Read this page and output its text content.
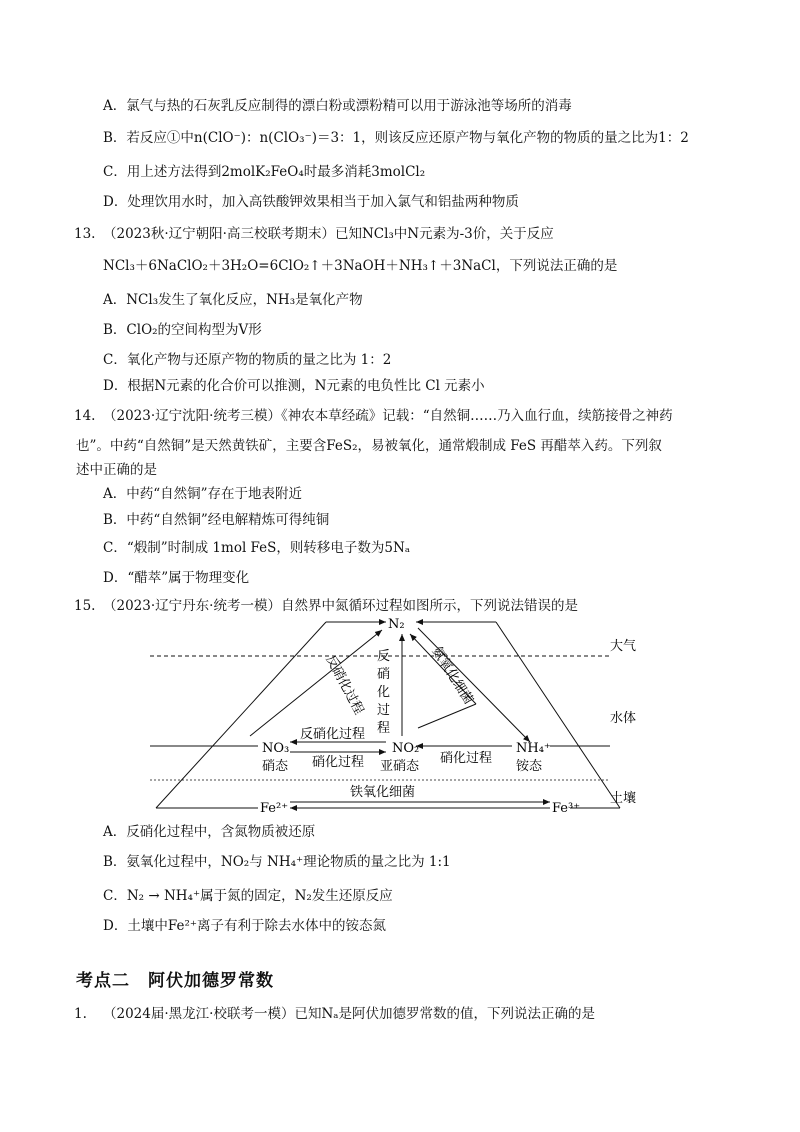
A．氯气与热的石灰乳反应制得的漂白粉或漂粉精可以用于游泳池等场所的消毒
B．若反应①中n(ClO⁻)：n(ClO₃⁻)＝3：1，则该反应还原产物与氧化产物的物质的量之比为1：2
C．用上述方法得到2molK₂FeO₄时最多消耗3molCl₂
D．处理饮用水时，加入高铁酸钾效果相当于加入氯气和铝盐两种物质
13. （2023秋·辽宁朝阳·高三校联考期末）已知NCl₃中N元素为-3价，关于反应
NCl₃＋6NaClO₂＋3H₂O=6ClO₂↑＋3NaOH＋NH₃↑＋3NaCl，下列说法正确的是
A．NCl₃发生了氧化反应，NH₃是氧化产物
B．ClO₂的空间构型为V形
C．氧化产物与还原产物的物质的量之比为 1：2
D．根据N元素的化合价可以推测，N元素的电负性比 Cl 元素小
14. （2023·辽宁沈阳·统考三模）《神农本草经疏》记载：“自然铜……乃入血行血，续筋接骨之神药
也”。中药“自然铜”是天然黄铁矿，主要含FeS₂，易被氧化，通常煅制成 FeS 再醋萃入药。下列叙
述中正确的是
A．中药“自然铜”存在于地表附近
B．中药“自然铜”经电解精炼可得纯铜
C．“煅制”时制成 1mol FeS，则转移电子数为5Nₐ
D．“醋萃”属于物理变化
15. （2023·辽宁丹东·统考一模）自然界中氮循环过程如图所示，下列说法错误的是
大气
水体
土壤
N₂
反硝化过程	氨氧化细菌
反
硝
化
过
程
NO₃
硝态
NO₂
亚硝态
NH₄⁺
铵态
反硝化过程
硝化过程	硝化过程
铁氧化细菌
Fe²⁺	Fe³⁺
A．反硝化过程中，含氮物质被还原
B．氨氧化过程中，NO₂与 NH₄⁺理论物质的量之比为 1:1
C．N₂ → NH₄⁺属于氮的固定，N₂发生还原反应
D．土壤中Fe²⁺离子有利于除去水体中的铵态氮
考点二　阿伏加德罗常数
1. （2024届·黑龙江·校联考一模）已知Nₐ是阿伏加德罗常数的值，下列说法正确的是
